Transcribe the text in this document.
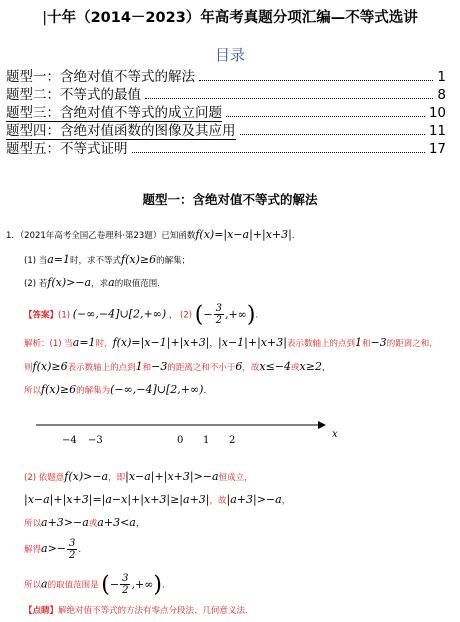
|十年（2014－2023）年高考真题分项汇编—不等式选讲
目录
题型一：含绝对值不等式的解法	1
题型二：不等式的最值	8
题型三：含绝对值不等式的成立问题	10
题型四：含绝对值函数的图像及其应用	11
题型五：不等式证明	17
题型一：含绝对值不等式的解法
1．（2021年高考全国乙卷理科·第23题）已知函数f(x)=|x−a|+|x+3|.
(1) 当a=1时，求不等式f(x)≥6的解集；
(2) 若f(x)>−a，求a的取值范围.
【答案】(1) (−∞,−4]∪[2,+∞) ， (2) (− $\frac{3}{2}$ ,+∞).
解析：(1) 当a=1时，f(x)=|x−1|+|x+3|，|x−1|+|x+3|表示数轴上的点到1和−3的距离之和，
则f(x)≥6表示数轴上的点到1和−3的距离之和不小于6，故x≤−4或x≥2，
所以f(x)≥6的解集为(−∞,−4]∪[2,+∞).
−4 −3	0 1 2
x
(2) 依题意f(x)>−a，即|x−a|+|x+3|>−a恒成立，
|x−a|+|x+3|=|a−x|+|x+3|≥|a+3|，故|a+3|>−a，
所以a+3>−a或a+3<a，
解得$a>- \frac{3}{2}$ .
所以a的取值范围是 (− $\frac{3}{2}$ ,+∞).
【点睛】解绝对值不等式的方法有零点分段法、几何意义法.
